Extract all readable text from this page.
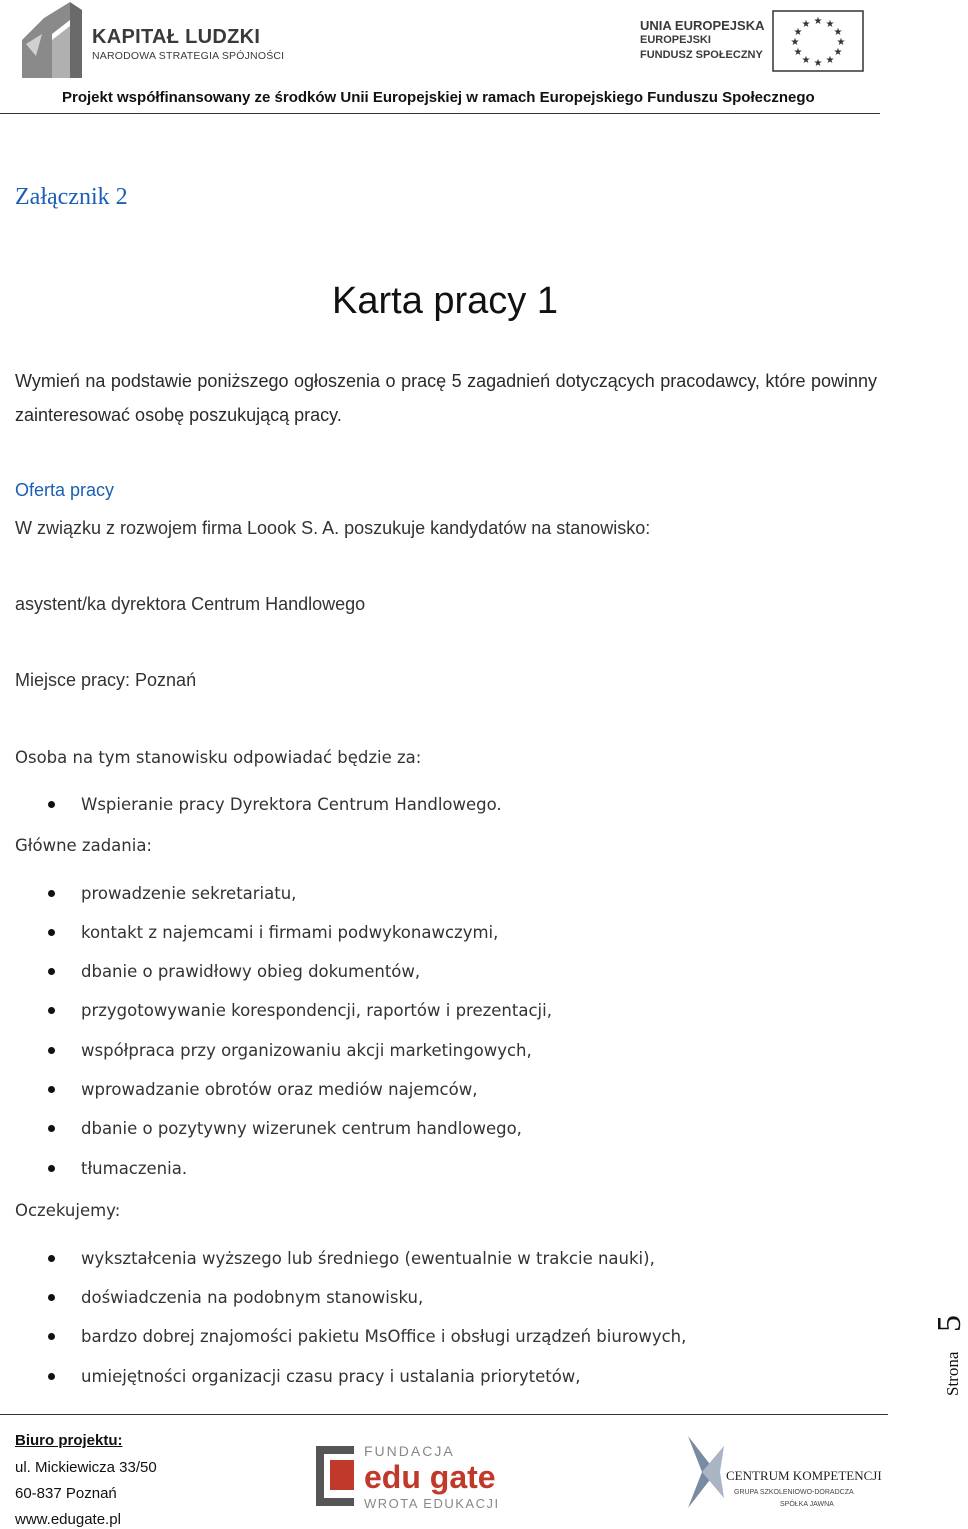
KAPITAŁ LUDZKI
NARODOWA STRATEGIA SPÓJNOŚCI
UNIA EUROPEJSKA
EUROPEJSKI
FUNDUSZ SPOŁECZNY
★ ★
★
★
★
★
★
★
★
★
★
★
Projekt współfinansowany ze środków Unii Europejskiej w ramach Europejskiego Funduszu Społecznego
Załącznik 2
Karta pracy 1
Wymień na podstawie poniższego ogłoszenia o pracę 5 zagadnień dotyczących pracodawcy, które powinny zainteresować osobę poszukującą pracy.
Oferta pracy
W związku z rozwojem firma Loook S. A. poszukuje kandydatów na stanowisko:
asystent/ka dyrektora Centrum Handlowego
Miejsce pracy: Poznań
Osoba na tym stanowisku odpowiadać będzie za:
Wspieranie pracy Dyrektora Centrum Handlowego.
Główne zadania:
prowadzenie sekretariatu,
kontakt z najemcami i firmami podwykonawczymi,
dbanie o prawidłowy obieg dokumentów,
przygotowywanie korespondencji, raportów i prezentacji,
współpraca przy organizowaniu akcji marketingowych,
wprowadzanie obrotów oraz mediów najemców,
dbanie o pozytywny wizerunek centrum handlowego,
tłumaczenia.
Oczekujemy:
wykształcenia wyższego lub średniego (ewentualnie w trakcie nauki),
doświadczenia na podobnym stanowisku,
bardzo dobrej znajomości pakietu MsOffice i obsługi urządzeń biurowych,
umiejętności organizacji czasu pracy i ustalania priorytetów,	Strona
5
Biuro projektu:
ul. Mickiewicza 33/50
60-837 Poznań
www.edugate.pl
FUNDACJA
edu gate
WROTA EDUKACJI
CENTRUM KOMPETENCJI
GRUPA SZKOLENIOWO-DORADCZA
SPÓŁKA JAWNA
